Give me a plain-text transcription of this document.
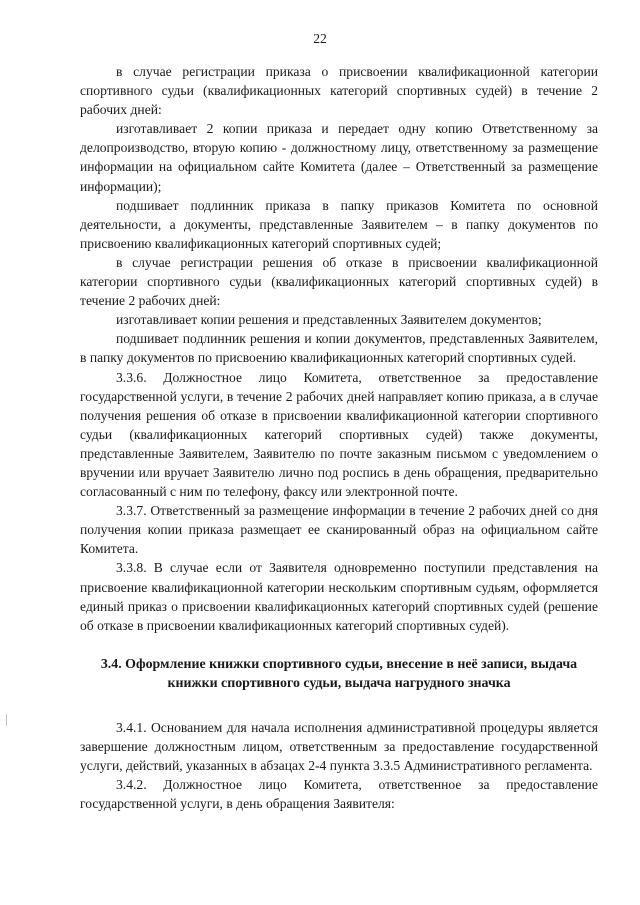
22

в случае регистрации приказа о присвоении квалификационной категории спортивного судьи (квалификационных категорий спортивных судей) в течение 2 рабочих дней:

изготавливает 2 копии приказа и передает одну копию Ответственному за делопроизводство, вторую копию - должностному лицу, ответственному за размещение информации на официальном сайте Комитета (далее – Ответственный за размещение информации);

подшивает подлинник приказа в папку приказов Комитета по основной деятельности, а документы, представленные Заявителем – в папку документов по присвоению квалификационных категорий спортивных судей;

в случае регистрации решения об отказе в присвоении квалификационной категории спортивного судьи (квалификационных категорий спортивных судей) в течение 2 рабочих дней:

изготавливает копии решения и представленных Заявителем документов;

подшивает подлинник решения и копии документов, представленных Заявителем, в папку документов по присвоению квалификационных категорий спортивных судей.

3.3.6. Должностное лицо Комитета, ответственное за предоставление государственной услуги, в течение 2 рабочих дней направляет копию приказа, а в случае получения решения об отказе в присвоении квалификационной категории спортивного судьи (квалификационных категорий спортивных судей) также документы, представленные Заявителем, Заявителю по почте заказным письмом с уведомлением о вручении или вручает Заявителю лично под роспись в день обращения, предварительно согласованный с ним по телефону, факсу или электронной почте.

3.3.7. Ответственный за размещение информации в течение 2 рабочих дней со дня получения копии приказа размещает ее сканированный образ на официальном сайте Комитета.

3.3.8. В случае если от Заявителя одновременно поступили представления на присвоение квалификационной категории нескольким спортивным судьям, оформляется единый приказ о присвоении квалификационных категорий спортивных судей (решение об отказе в присвоении квалификационных категорий спортивных судей).

3.4. Оформление книжки спортивного судьи, внесение в неё записи, выдача книжки спортивного судьи, выдача нагрудного значка

3.4.1. Основанием для начала исполнения административной процедуры является завершение должностным лицом, ответственным за предоставление государственной услуги, действий, указанных в абзацах 2-4 пункта 3.3.5 Административного регламента.

3.4.2. Должностное лицо Комитета, ответственное за предоставление государственной услуги, в день обращения Заявителя:
